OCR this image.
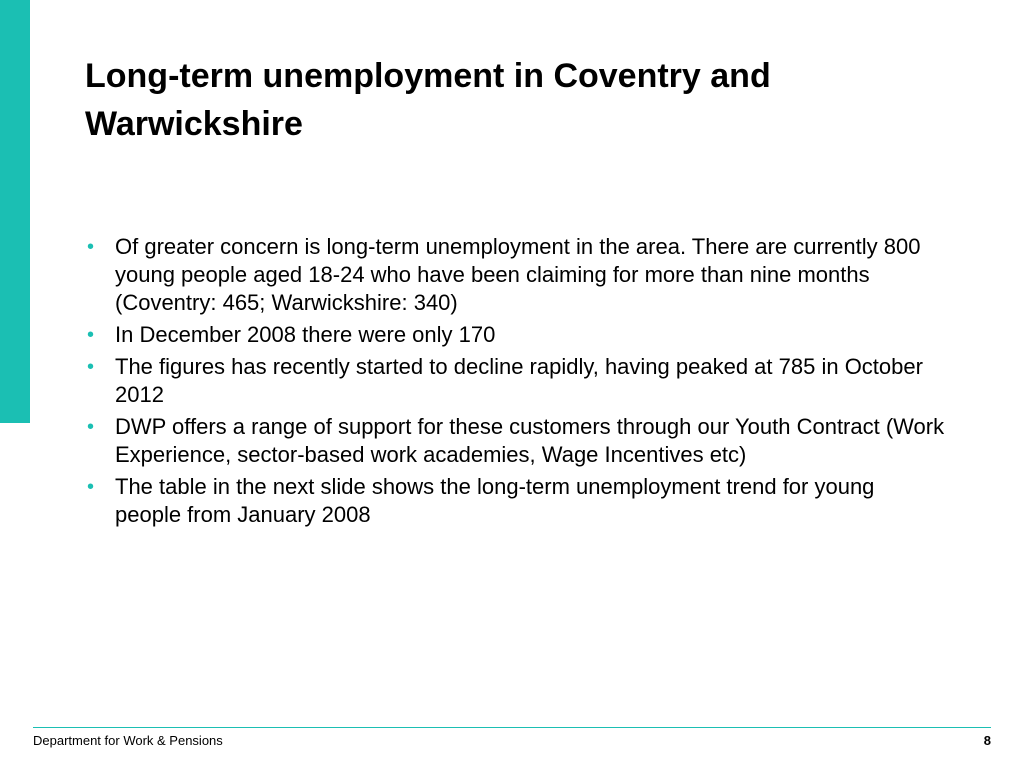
Long-term unemployment in Coventry and Warwickshire
• Of greater concern is long-term unemployment in the area. There are currently 800 young people aged 18-24 who have been claiming for more than nine months (Coventry: 465; Warwickshire: 340)
• In December 2008 there were only 170
• The figures has recently started to decline rapidly, having peaked at 785 in October 2012
• DWP offers a range of support for these customers through our Youth Contract (Work Experience, sector-based work academies, Wage Incentives etc)
• The table in the next slide shows the long-term unemployment trend for young people from January 2008
Department for Work & Pensions	8
